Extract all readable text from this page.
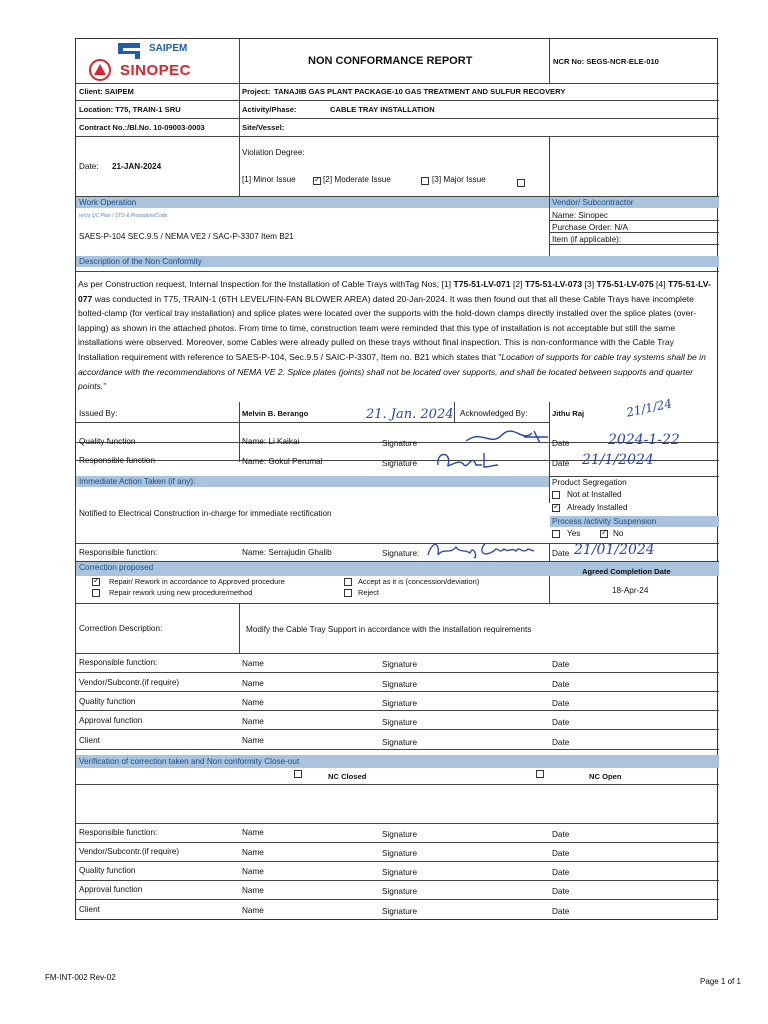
SAIPEM
SINOPEC
NON CONFORMANCE REPORT	NCR No: SEGS-NCR-ELE-010
Client: SAIPEM	Project: TANAJIB GAS PLANT PACKAGE-10 GAS TREATMENT AND SULFUR RECOVERY
Location: T75, TRAIN-1 SRU	Activity/Phase:	CABLE TRAY INSTALLATION
Contract No.:/Bl.No. 10-09003-0003	Site/Vessel:
Date: 21-JAN-2024
Violation Degree:
[1] Minor Issue ✓	[2] Moderate Issue	[3] Major Issue
Work Operation	Vendor/ Subcontractor
ref.to QC Plan / STD & Procedure/Code
SAES-P-104 SEC.9.5 / NEMA VE2 / SAC-P-3307 Item B21
Name: Sinopec
Purchase Order: N/A
Item (if applicable):
Description of the Non Conformity
As per Construction request, Internal Inspection for the Installation of Cable Trays withTag Nos; [1] T75-51-LV-071 [2] T75-51-LV-073 [3] T75-51-LV-075 [4] T75-51-LV-077 was conducted in T75, TRAIN-1 (6TH LEVEL/FIN-FAN BLOWER AREA) dated 20-Jan-2024. It was then found out that all these Cable Trays have incomplete bolted-clamp (for vertical tray installation) and splice plates were located over the supports with the hold-down clamps directly installed over the splice plates (over-lapping) as shown in the attached photos. From time to time, construction team were reminded that this type of installation is not acceptable but still the same installations were observed. Moreover, some Cables were already pulled on these trays without final inspection. This is non-conformance with the Cable Tray Installation requirement with reference to SAES-P-104, Sec.9.5 / SAIC-P-3307, Item no. B21 which states that "Location of supports for cable tray systems shall be in accordance with the recommendations of NEMA VE 2. Splice plates (joints) shall not be located over supports, and shall be located between supports and quarter points."
Issued By:	Melvin B. Berango	21. Jan. 2024 Acknowledged By:	Jithu Raj	21/1/24
Quality function	Name: Li Kaikai	Signature	Date	2024-1-22
Responsible function	Name: Gokul Perumal	Signature	Date 21/1/2024
Immediate Action Taken (if any):
Notified to Electrical Construction in-charge for immediate rectification
Product Segregation
Not at Installed
✓
Already Installed
Process /activity Suspension
Yes ✓	No
Responsible function:	Name: Serrajudin Ghalib	Signature:	Date 21/01/2024
Correction proposed	Agreed Completion Date
✓
Repair/ Rework in accordance to Approved procedure
Repair rework using new procedure/method
Accept as it is (concession/deviation)
Reject	18-Apr-24
Correction Description:	Modify the Cable Tray Support in accordance with the installation requirements
Responsible function:	Name	Signature	Date
Vendor/Subcontr.(if require)	Name	Signature	Date
Quality function	Name	Signature	Date
Approval function	Name	Signature	Date
Client	Name	Signature	Date
Verification of correction taken and Non conformity Close-out
NC Closed	NC Open
Responsible function:	Name	Signature	Date
Vendor/Subcontr.(if require)	Name	Signature	Date
Quality function	Name	Signature	Date
Approval function	Name	Signature	Date
Client	Name	Signature	Date
FM-INT-002 Rev-02	Page 1 of 1
